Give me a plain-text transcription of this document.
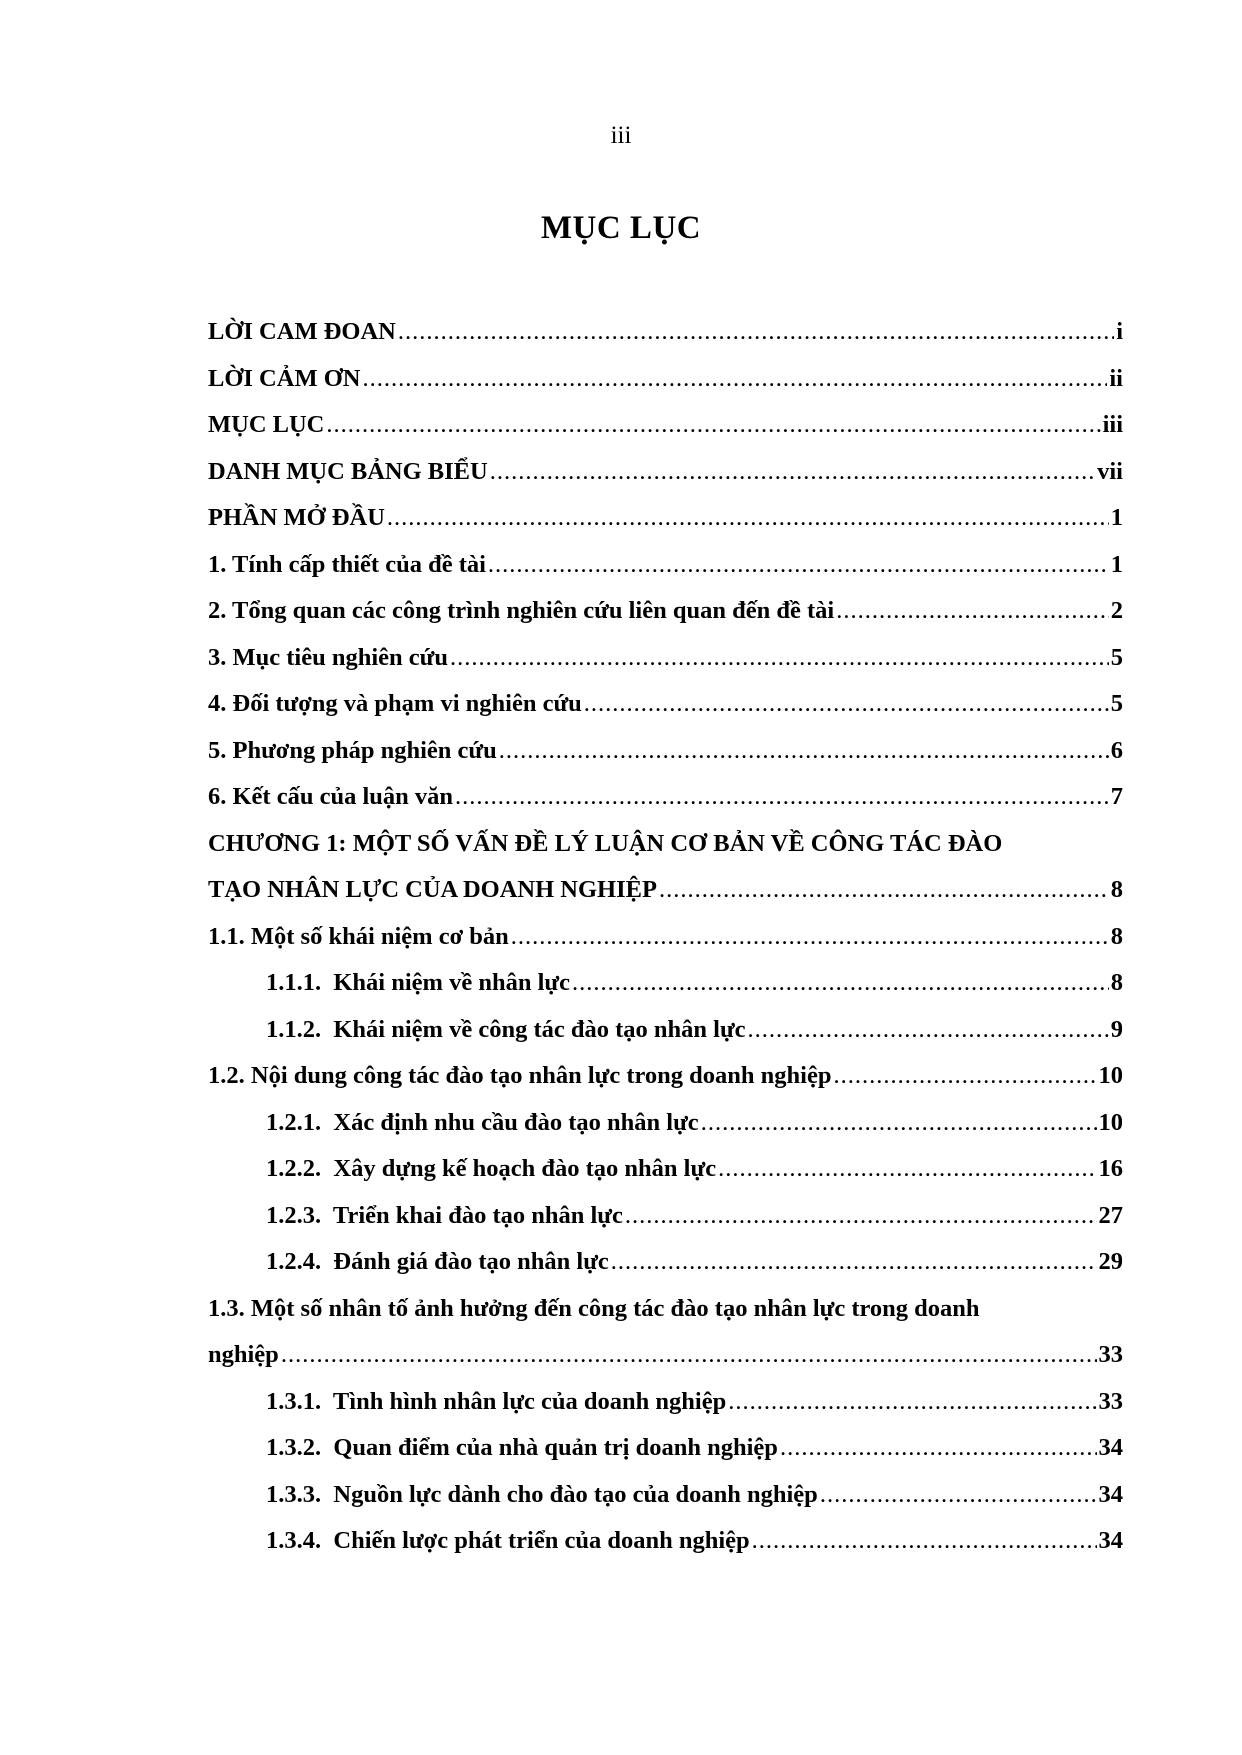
iii
MỤC LỤC
LỜI CAM ĐOAN .....	i
LỜI CẢM ƠN .....	ii
MỤC LỤC .....	iii
DANH MỤC BẢNG BIỂU .....	vii
PHẦN MỞ ĐẦU .....	1
1. Tính cấp thiết của đề tài .....	1
2. Tổng quan các công trình nghiên cứu liên quan đến đề tài .....	2
3. Mục tiêu nghiên cứu .....	5
4. Đối tượng và phạm vi nghiên cứu .....	5
5. Phương pháp nghiên cứu .....	6
6. Kết cấu của luận văn .....	7
CHƯƠNG 1: MỘT SỐ VẤN ĐỀ LÝ LUẬN CƠ BẢN VỀ CÔNG TÁC ĐÀO
TẠO NHÂN LỰC CỦA DOANH NGHIỆP .....	8
1.1. Một số khái niệm cơ bản .....	8
1.1.1.  Khái niệm về nhân lực .....	8
1.1.2.  Khái niệm về công tác đào tạo nhân lực .....	9
1.2. Nội dung công tác đào tạo nhân lực trong doanh nghiệp .....	10
1.2.1.  Xác định nhu cầu đào tạo nhân lực .....	10
1.2.2.  Xây dựng kế hoạch đào tạo nhân lực .....	16
1.2.3.  Triển khai đào tạo nhân lực .....	27
1.2.4.  Đánh giá đào tạo nhân lực .....	29
1.3. Một số nhân tố ảnh hưởng đến công tác đào tạo nhân lực trong doanh
nghiệp .....	33
1.3.1.  Tình hình nhân lực của doanh nghiệp .....	33
1.3.2.  Quan điểm của nhà quản trị doanh nghiệp .....	34
1.3.3.  Nguồn lực dành cho đào tạo của doanh nghiệp .....	34
1.3.4.  Chiến lược phát triển của doanh nghiệp .....	34
